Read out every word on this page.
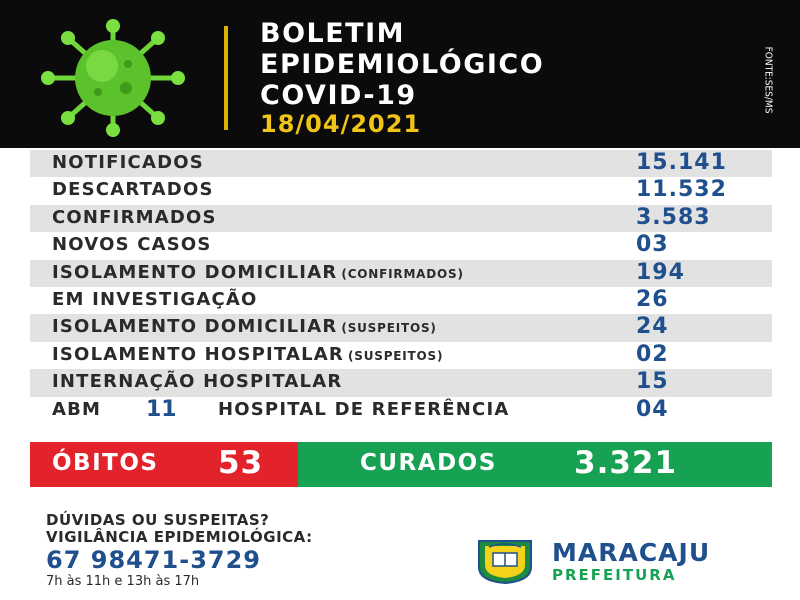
BOLETIM
EPIDEMIOLÓGICO
COVID-19
18/04/2021
FONTE:SES/MS
NOTIFICADOS	15.141
DESCARTADOS	11.532
CONFIRMADOS	3.583
NOVOS CASOS	03
ISOLAMENTO DOMICILIAR (CONFIRMADOS)	194
EM INVESTIGAÇÃO	26
ISOLAMENTO DOMICILIAR (SUSPEITOS)	24
ISOLAMENTO HOSPITALAR (SUSPEITOS)	02
INTERNAÇÃO HOSPITALAR	15
ABM 11 HOSPITAL DE REFERÊNCIA	04
ÓBITOS 53	CURADOS 3.321
DÚVIDAS OU SUSPEITAS?
VIGILÂNCIA EPIDEMIOLÓGICA:
67 98471-3729
7h às 11h e 13h às 17h
MARACAJU
PREFEITURA
